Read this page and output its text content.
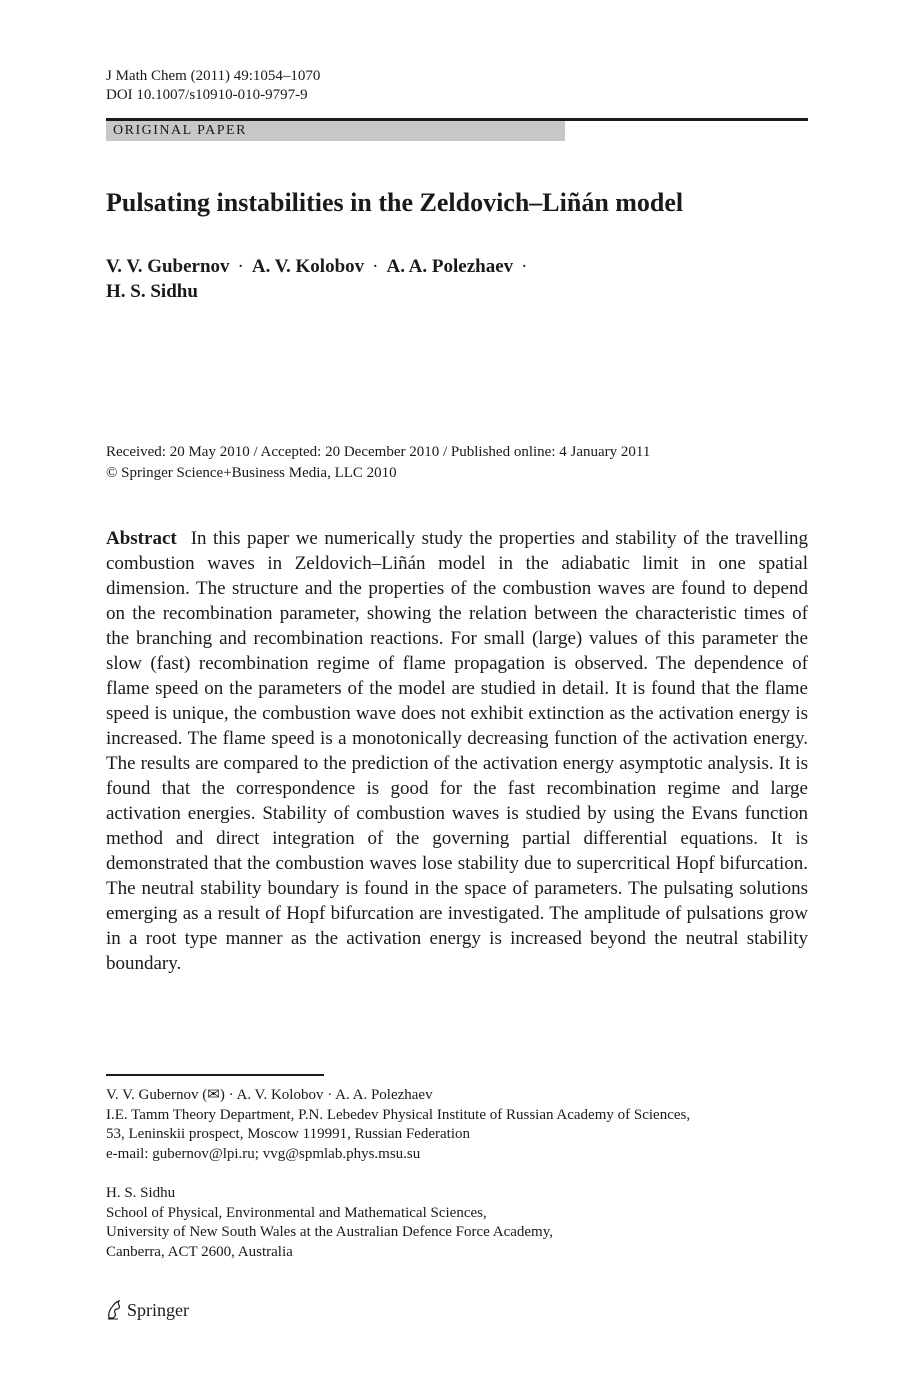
J Math Chem (2011) 49:1054–1070
DOI 10.1007/s10910-010-9797-9
ORIGINAL PAPER
Pulsating instabilities in the Zeldovich–Liñán model
V. V. Gubernov · A. V. Kolobov · A. A. Polezhaev ·
H. S. Sidhu
Received: 20 May 2010 / Accepted: 20 December 2010 / Published online: 4 January 2011
© Springer Science+Business Media, LLC 2010
Abstract In this paper we numerically study the properties and stability of the travelling combustion waves in Zeldovich–Liñán model in the adiabatic limit in one spatial dimension. The structure and the properties of the combustion waves are found to depend on the recombination parameter, showing the relation between the characteristic times of the branching and recombination reactions. For small (large) values of this parameter the slow (fast) recombination regime of flame propagation is observed. The dependence of flame speed on the parameters of the model are studied in detail. It is found that the flame speed is unique, the combustion wave does not exhibit extinction as the activation energy is increased. The flame speed is a monotonically decreasing function of the activation energy. The results are compared to the prediction of the activation energy asymptotic analysis. It is found that the correspondence is good for the fast recombination regime and large activation energies. Stability of combustion waves is studied by using the Evans function method and direct integration of the governing partial differential equations. It is demonstrated that the combustion waves lose stability due to supercritical Hopf bifurcation. The neutral stability boundary is found in the space of parameters. The pulsating solutions emerging as a result of Hopf bifurcation are investigated. The amplitude of pulsations grow in a root type manner as the activation energy is increased beyond the neutral stability boundary.
V. V. Gubernov (✉) · A. V. Kolobov · A. A. Polezhaev
I.E. Tamm Theory Department, P.N. Lebedev Physical Institute of Russian Academy of Sciences,
53, Leninskii prospect, Moscow 119991, Russian Federation
e-mail: gubernov@lpi.ru; vvg@spmlab.phys.msu.su
H. S. Sidhu
School of Physical, Environmental and Mathematical Sciences,
University of New South Wales at the Australian Defence Force Academy,
Canberra, ACT 2600, Australia
Springer
